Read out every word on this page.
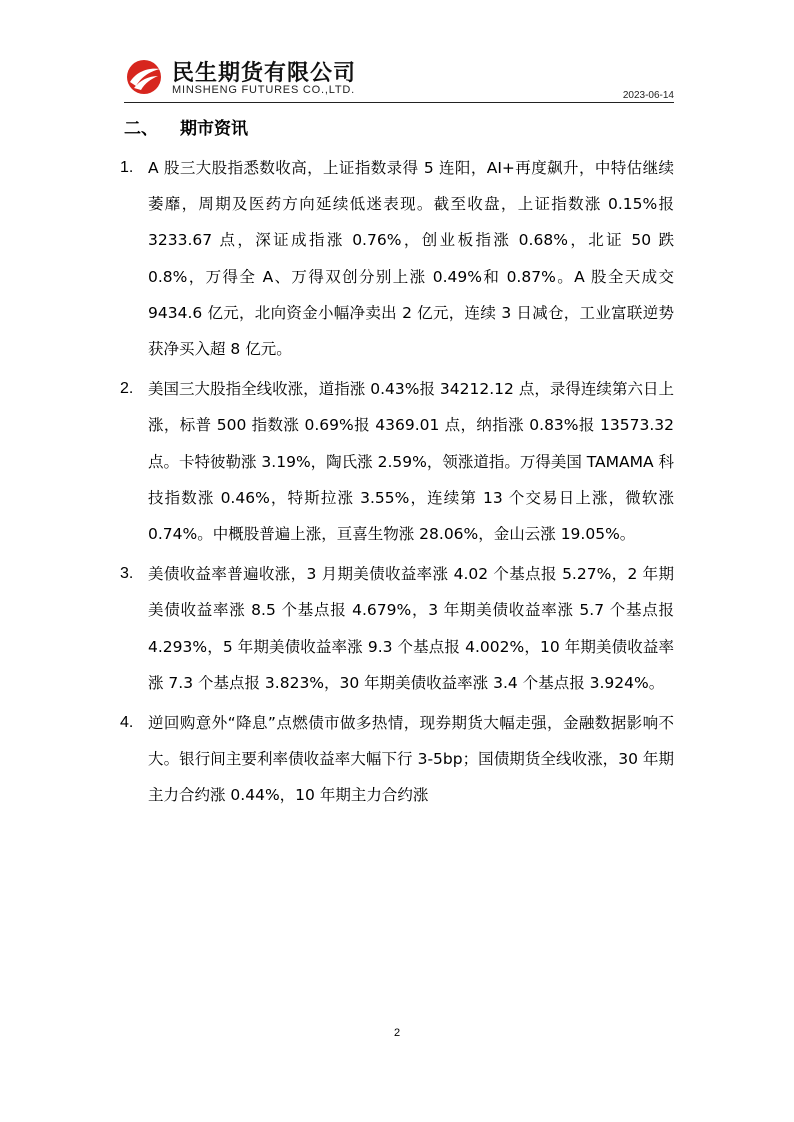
民生期货有限公司
MINSHENG FUTURES CO.,LTD.	2023-06-14
二、 期市资讯
1. A 股三大股指悉数收高，上证指数录得 5 连阳，AI+再度飙升，中特估继续萎靡，周期及医药方向延续低迷表现。截至收盘，上证指数涨 0.15%报 3233.67 点，深证成指涨 0.76%，创业板指涨 0.68%，北证 50 跌 0.8%，万得全 A、万得双创分别上涨 0.49%和 0.87%。A 股全天成交 9434.6 亿元，北向资金小幅净卖出 2 亿元，连续 3 日减仓，工业富联逆势获净买入超 8 亿元。

2. 美国三大股指全线收涨，道指涨 0.43%报 34212.12 点，录得连续第六日上涨，标普 500 指数涨 0.69%报 4369.01 点，纳指涨 0.83%报 13573.32 点。卡特彼勒涨 3.19%，陶氏涨 2.59%，领涨道指。万得美国 TAMAMA 科技指数涨 0.46%，特斯拉涨 3.55%，连续第 13 个交易日上涨，微软涨 0.74%。中概股普遍上涨，亘喜生物涨 28.06%，金山云涨 19.05%。

3. 美债收益率普遍收涨，3 月期美债收益率涨 4.02 个基点报 5.27%，2 年期美债收益率涨 8.5 个基点报 4.679%，3 年期美债收益率涨 5.7 个基点报 4.293%，5 年期美债收益率涨 9.3 个基点报 4.002%，10 年期美债收益率涨 7.3 个基点报 3.823%，30 年期美债收益率涨 3.4 个基点报 3.924%。

4. 逆回购意外“降息”点燃债市做多热情，现券期货大幅走强，金融数据影响不大。银行间主要利率债收益率大幅下行 3-5bp；国债期货全线收涨，30 年期主力合约涨 0.44%，10 年期主力合约涨

2
